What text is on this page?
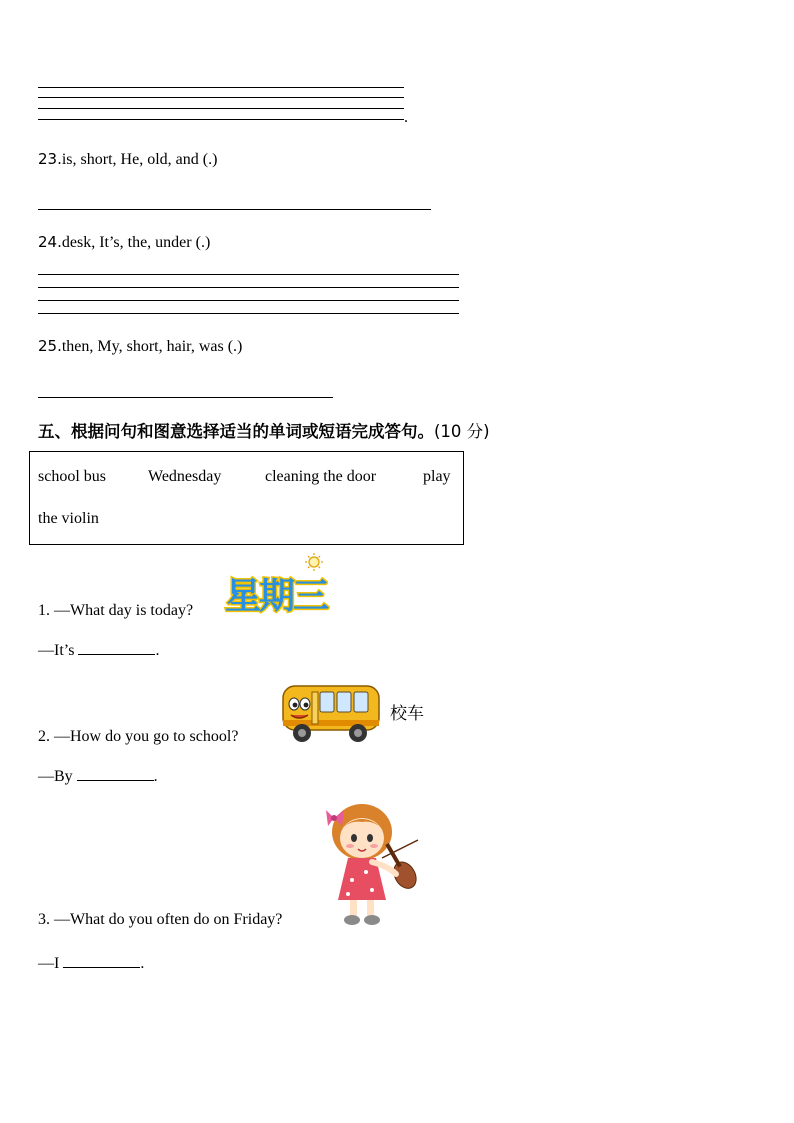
.
23.is, short, He, old, and (.)
24.desk, It’s, the, under (.)
25.then, My, short, hair, was (.)
五、根据问句和图意选择适当的单词或短语完成答句。(10 分)
school bus	Wednesday	cleaning the door	play
the violin
星期三
1. —What day is today?
—It’s	.
校车
2. —How do you go to school?
—By	.
3. —What do you often do on Friday?
—I	.
